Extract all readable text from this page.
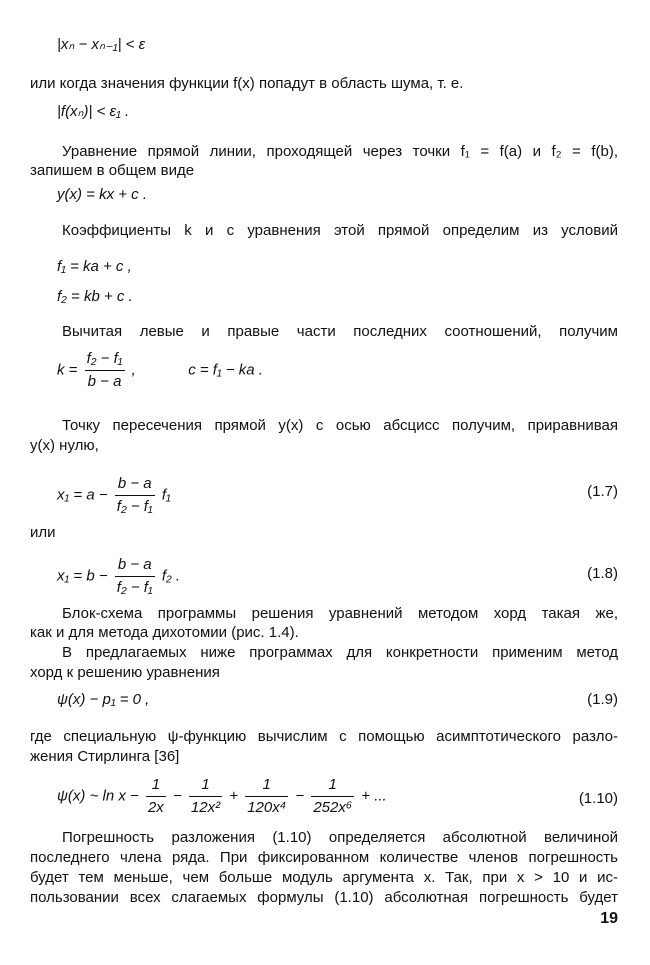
|xₙ − xₙ₋₁| < ε
или когда значения функции f(x) попадут в область шума, т. е.
|f(xₙ)| < ε₁ .
Уравнение прямой линии, проходящей через точки f₁ = f(a) и f₂ = f(b),
запишем в общем виде
y(x) = kx + c .
Коэффициенты k и c уравнения этой прямой определим из условий
f₁ = ka + c ,
f₂ = kb + c .
Вычитая левые и правые части последних соотношений, получим
$k = \frac{\text{f₂ − f₁}}{b - a}$ ,	c = f₁ − ka .
Точку пересечения прямой y(x) с осью абсцисс получим, приравнивая
y(x) нулю,
$x_1 = a - \frac{b - a}{\text{f₂ − f₁}} f_1$	(1.7)
или
$x_1 = b - \frac{b - a}{\text{f₂ − f₁}} f_2$ .	(1.8)
Блок-схема программы решения уравнений методом хорд такая же,
как и для метода дихотомии (рис. 1.4).
В предлагаемых ниже программах для конкретности применим метод
хорд к решению уравнения
ψ(x) − p₁ = 0 ,	(1.9)
где специальную ψ-функцию вычислим с помощью асимптотического разло-
жения Стирлинга [36]
ψ(x) ~ $\ln x - \frac{1}{2x} - \frac{1}{\text{12x²}} + \frac{1}{\text{120x⁴}} - \frac{1}{\text{252x⁶}}$ + ...	(1.10)
Погрешность разложения (1.10) определяется абсолютной величиной
последнего члена ряда. При фиксированном количестве членов погрешность
будет тем меньше, чем больше модуль аргумента x. Так, при x > 10 и ис-
пользовании всех слагаемых формулы (1.10) абсолютная погрешность будет
19
